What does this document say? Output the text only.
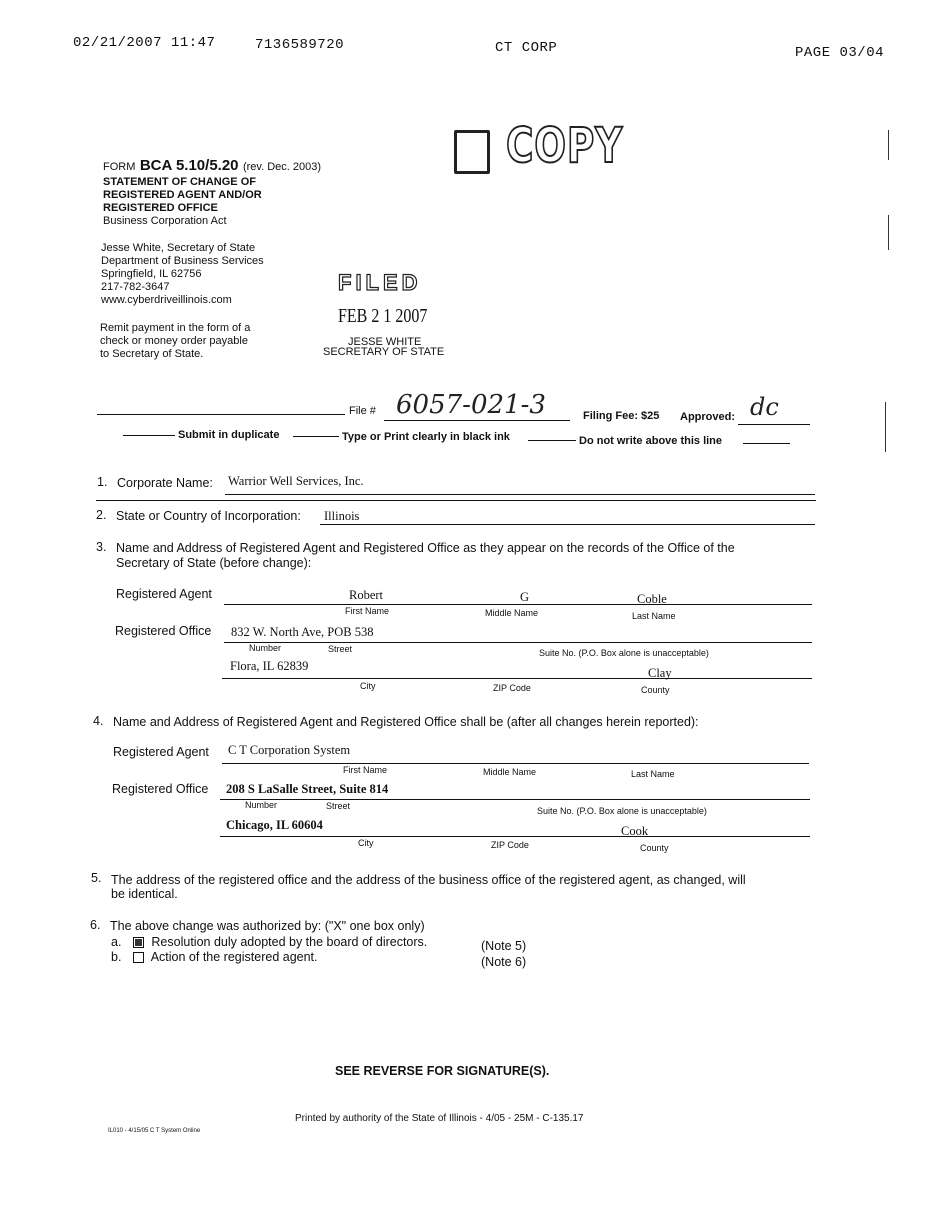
02/21/2007 11:47	7136589720	CT CORP	PAGE 03/04
COPY
FORM BCA 5.10/5.20 (rev. Dec. 2003)
STATEMENT OF CHANGE OF
REGISTERED AGENT AND/OR
REGISTERED OFFICE
Business Corporation Act
Jesse White, Secretary of State
Department of Business Services
Springfield, IL 62756
217-782-3647
www.cyberdriveillinois.com
Remit payment in the form of a
check or money order payable
to Secretary of State.
FILED
FEB 2 1 2007
JESSE WHITE
SECRETARY OF STATE
File # 6057-021-3	Filing Fee: $25 Approved: dc
Submit in duplicate	Type or Print clearly in black ink	Do not write above this line
1. Corporate Name: Warrior Well Services, Inc.
2. State or Country of Incorporation: Illinois
3. Name and Address of Registered Agent and Registered Office as they appear on the records of the Office of the
Secretary of State (before change):
Registered Agent	Robert	G	Coble
First Name	Middle Name	Last Name
Registered Office 832 W. North Ave, POB 538
Number	Street	Suite No. (P.O. Box alone is unacceptable)
Flora, IL 62839	Clay
City	ZIP Code	County
4. Name and Address of Registered Agent and Registered Office shall be (after all changes herein reported):
Registered Agent C T Corporation System
First Name	Middle Name	Last Name
Registered Office 208 S LaSalle Street, Suite 814
Number	Street	Suite No. (P.O. Box alone is unacceptable)
Chicago, IL 60604	Cook
City	ZIP Code	County
5. The address of the registered office and the address of the business office of the registered agent, as changed, will
be identical.
6. The above change was authorized by: ("X" one box only)
a. Resolution duly adopted by the board of directors.	(Note 5)
b. Action of the registered agent.	(Note 6)
SEE REVERSE FOR SIGNATURE(S).
Printed by authority of the State of Illinois - 4/05 - 25M - C-135.17
IL010 - 4/15/05 C T System Online
